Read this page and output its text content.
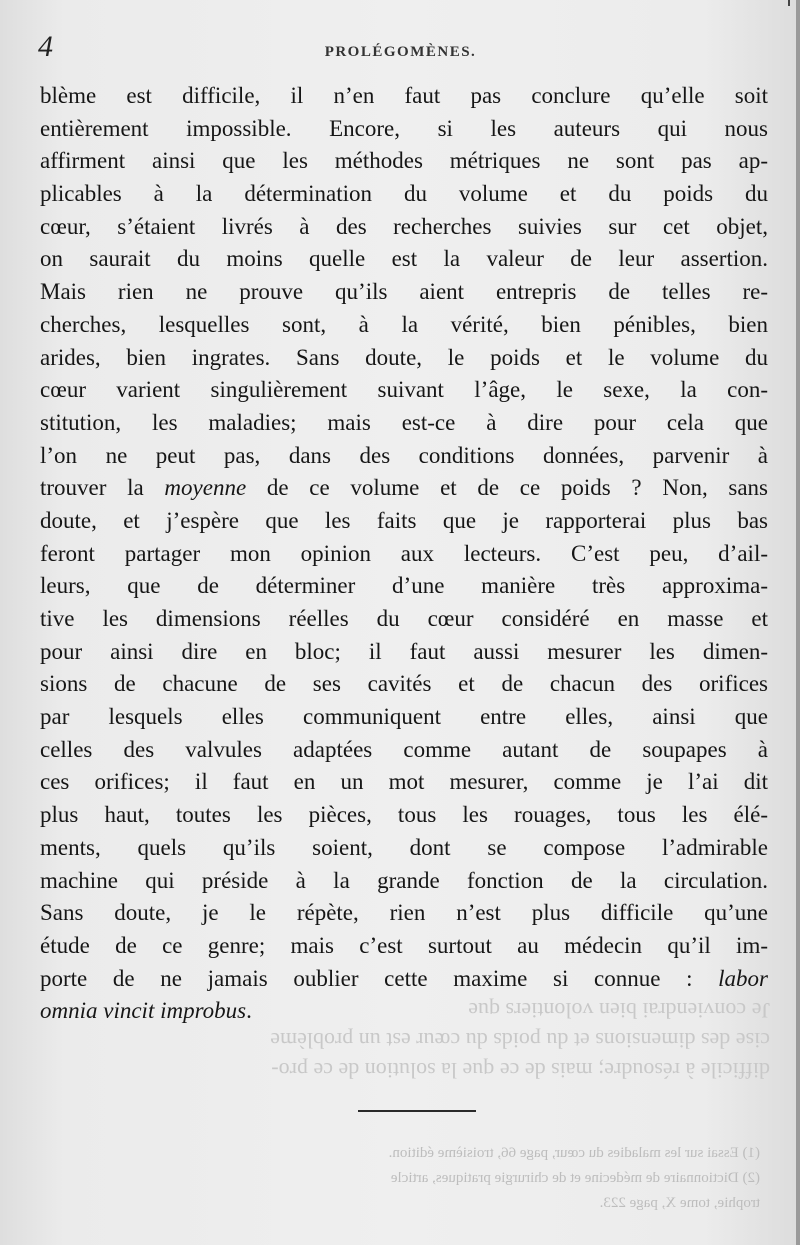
Je conviendrai bien volontiers que
cise des dimensions et du poids du cœur est un problème
difficile à résoudre; mais de ce que la solution de ce pro-
(1) Essai sur les maladies du cœur, page 66, troisième édition.
(2) Dictionnaire de médecine et de chirurgie pratiques, article
trophie, tome X, page 223.
4	PROLÉGOMÈNES.
blème est difficile, il n’en faut pas conclure qu’elle soit
entièrement impossible. Encore, si les auteurs qui nous
affirment ainsi que les méthodes métriques ne sont pas ap-
plicables à la détermination du volume et du poids du
cœur, s’étaient livrés à des recherches suivies sur cet objet,
on saurait du moins quelle est la valeur de leur assertion.
Mais rien ne prouve qu’ils aient entrepris de telles re-
cherches, lesquelles sont, à la vérité, bien pénibles, bien
arides, bien ingrates. Sans doute, le poids et le volume du
cœur varient singulièrement suivant l’âge, le sexe, la con-
stitution, les maladies; mais est-ce à dire pour cela que
l’on ne peut pas, dans des conditions données, parvenir à
trouver la moyenne de ce volume et de ce poids ? Non, sans
doute, et j’espère que les faits que je rapporterai plus bas
feront partager mon opinion aux lecteurs. C’est peu, d’ail-
leurs, que de déterminer d’une manière très approxima-
tive les dimensions réelles du cœur considéré en masse et
pour ainsi dire en bloc; il faut aussi mesurer les dimen-
sions de chacune de ses cavités et de chacun des orifices
par lesquels elles communiquent entre elles, ainsi que
celles des valvules adaptées comme autant de soupapes à
ces orifices; il faut en un mot mesurer, comme je l’ai dit
plus haut, toutes les pièces, tous les rouages, tous les élé-
ments, quels qu’ils soient, dont se compose l’admirable
machine qui préside à la grande fonction de la circulation.
Sans doute, je le répète, rien n’est plus difficile qu’une
étude de ce genre; mais c’est surtout au médecin qu’il im-
porte de ne jamais oublier cette maxime si connue : labor
omnia vincit improbus.
